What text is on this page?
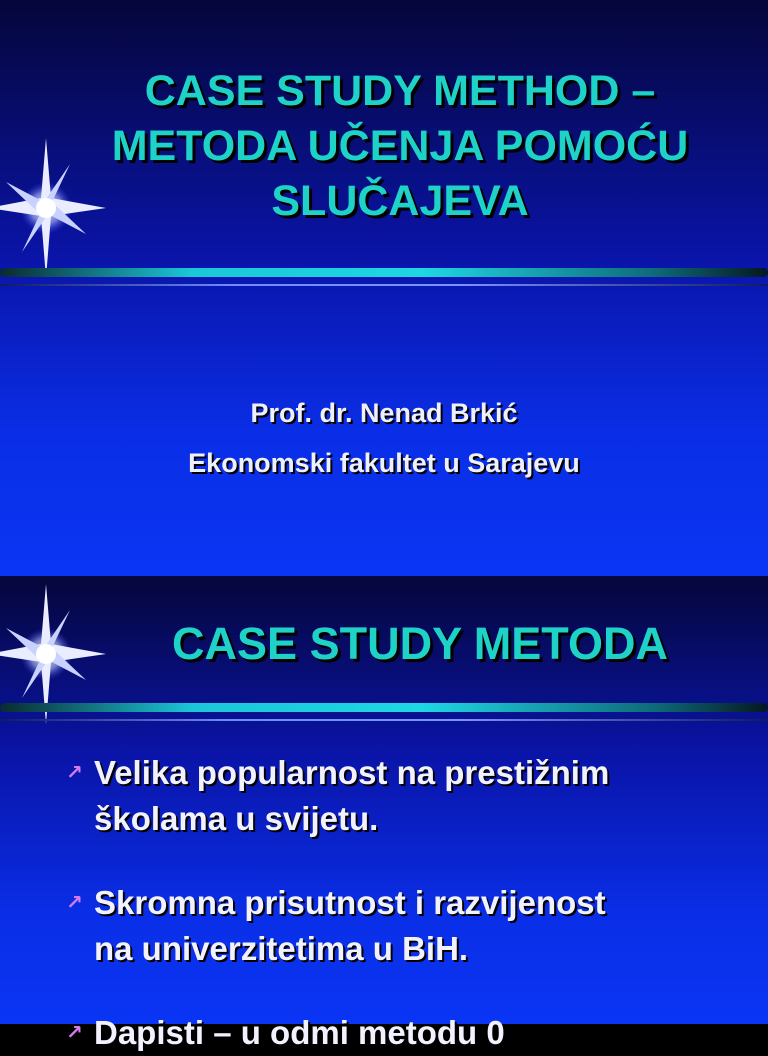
CASE STUDY METHOD –
METODA UČENJA POMOĆU
SLUČAJEVA
Prof. dr. Nenad Brkić
Ekonomski fakultet u Sarajevu
CASE STUDY METODA
↗ Velika popularnost na prestižnim
školama u svijetu.
↗ Skromna prisutnost i razvijenost
na univerzitetima u BiH.
↗ Dapisti – u odmi metodu 0
